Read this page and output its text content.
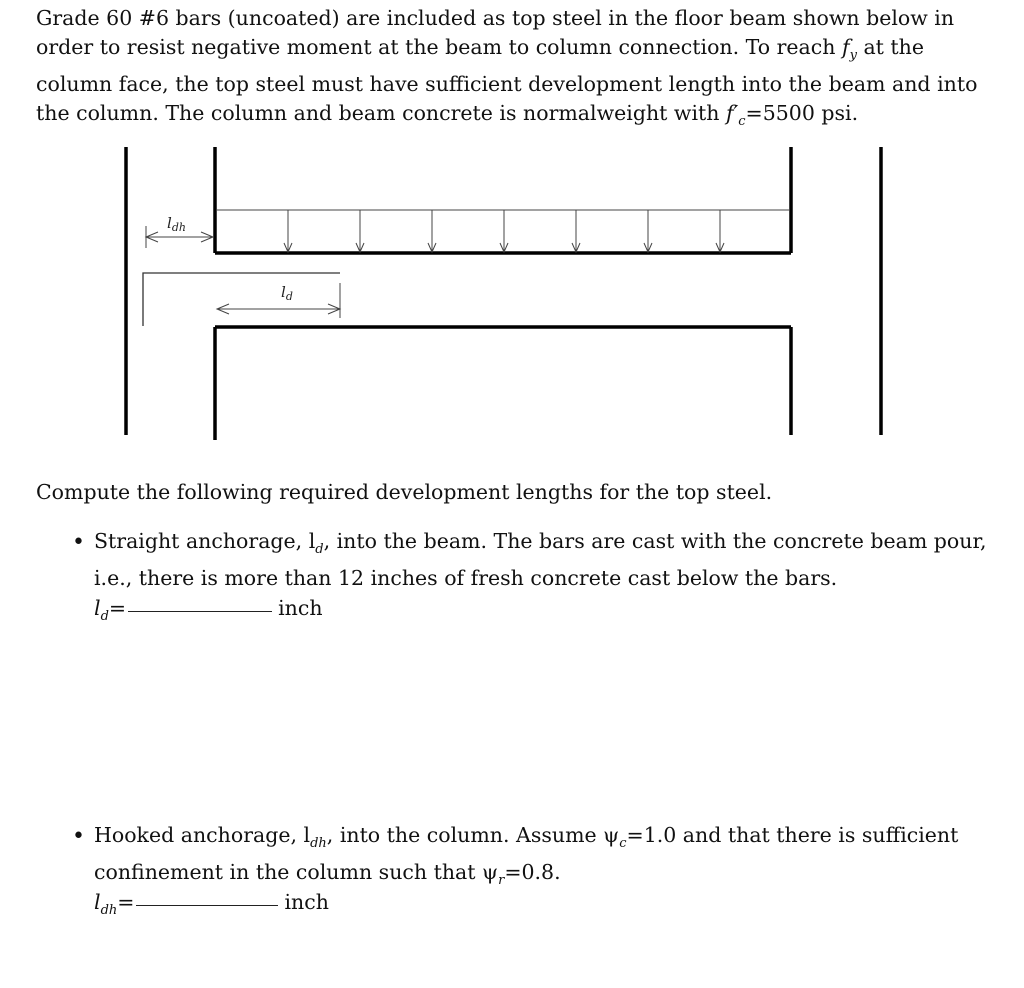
Grade 60 #6 bars (uncoated) are included as top steel in the floor beam shown below in
order to resist negative moment at the beam to column connection. To reach $f_y$ at the
column face, the top steel must have sufficient development length into the beam and into
the column. The column and beam concrete is normalweight with $f'_c=5500$ psi.
$l_{dh}$
$l_d$
Compute the following required development lengths for the top steel.
• Straight anchorage, $l_d$, into the beam. The bars are cast with the concrete beam pour,
i.e., there is more than 12 inches of fresh concrete cast below the bars.
$l_d=$	inch
• Hooked anchorage, $l_{dh}$, into the column. Assume $\psi_c=1.0$ and that there is sufficient
confinement in the column such that $\psi_r=0.8$.
$l_{dh}=$	inch
